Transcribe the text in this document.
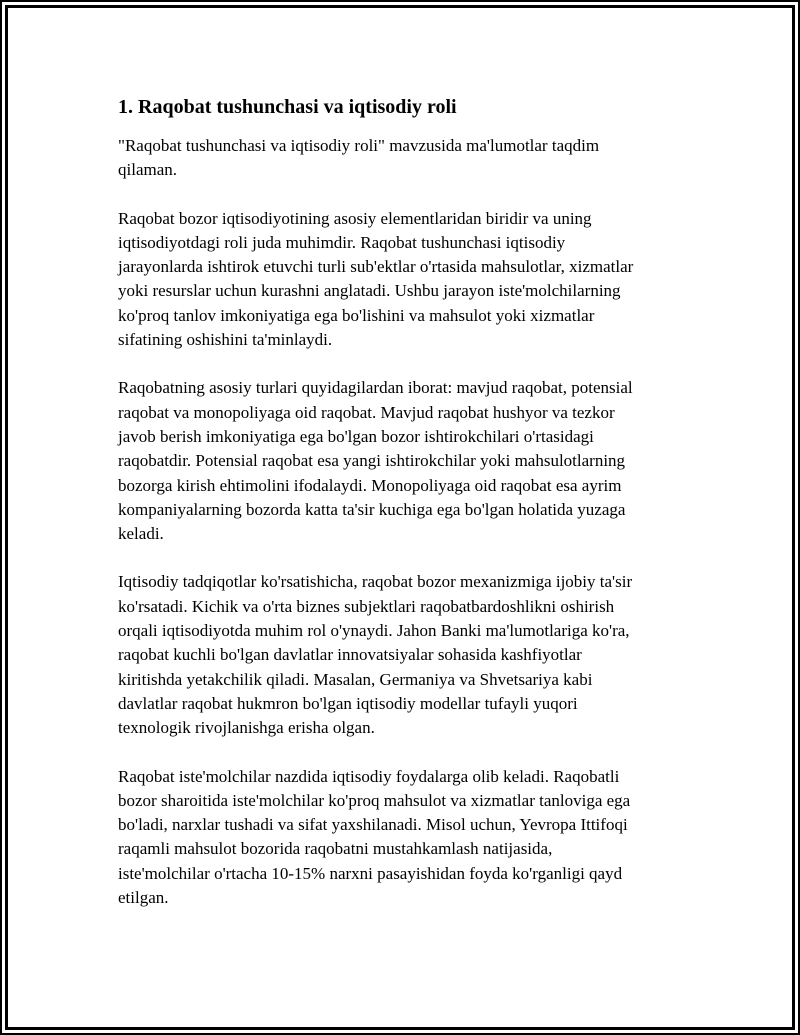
1. Raqobat tushunchasi va iqtisodiy roli
"Raqobat tushunchasi va iqtisodiy roli" mavzusida ma'lumotlar taqdim
qilaman.
Raqobat bozor iqtisodiyotining asosiy elementlaridan biridir va uning
iqtisodiyotdagi roli juda muhimdir. Raqobat tushunchasi iqtisodiy
jarayonlarda ishtirok etuvchi turli sub'ektlar o'rtasida mahsulotlar, xizmatlar
yoki resurslar uchun kurashni anglatadi. Ushbu jarayon iste'molchilarning
ko'proq tanlov imkoniyatiga ega bo'lishini va mahsulot yoki xizmatlar
sifatining oshishini ta'minlaydi.
Raqobatning asosiy turlari quyidagilardan iborat: mavjud raqobat, potensial
raqobat va monopoliyaga oid raqobat. Mavjud raqobat hushyor va tezkor
javob berish imkoniyatiga ega bo'lgan bozor ishtirokchilari o'rtasidagi
raqobatdir. Potensial raqobat esa yangi ishtirokchilar yoki mahsulotlarning
bozorga kirish ehtimolini ifodalaydi. Monopoliyaga oid raqobat esa ayrim
kompaniyalarning bozorda katta ta'sir kuchiga ega bo'lgan holatida yuzaga
keladi.
Iqtisodiy tadqiqotlar ko'rsatishicha, raqobat bozor mexanizmiga ijobiy ta'sir
ko'rsatadi. Kichik va o'rta biznes subjektlari raqobatbardoshlikni oshirish
orqali iqtisodiyotda muhim rol o'ynaydi. Jahon Banki ma'lumotlariga ko'ra,
raqobat kuchli bo'lgan davlatlar innovatsiyalar sohasida kashfiyotlar
kiritishda yetakchilik qiladi. Masalan, Germaniya va Shvetsariya kabi
davlatlar raqobat hukmron bo'lgan iqtisodiy modellar tufayli yuqori
texnologik rivojlanishga erisha olgan.
Raqobat iste'molchilar nazdida iqtisodiy foydalarga olib keladi. Raqobatli
bozor sharoitida iste'molchilar ko'proq mahsulot va xizmatlar tanloviga ega
bo'ladi, narxlar tushadi va sifat yaxshilanadi. Misol uchun, Yevropa Ittifoqi
raqamli mahsulot bozorida raqobatni mustahkamlash natijasida,
iste'molchilar o'rtacha 10-15% narxni pasayishidan foyda ko'rganligi qayd
etilgan.
